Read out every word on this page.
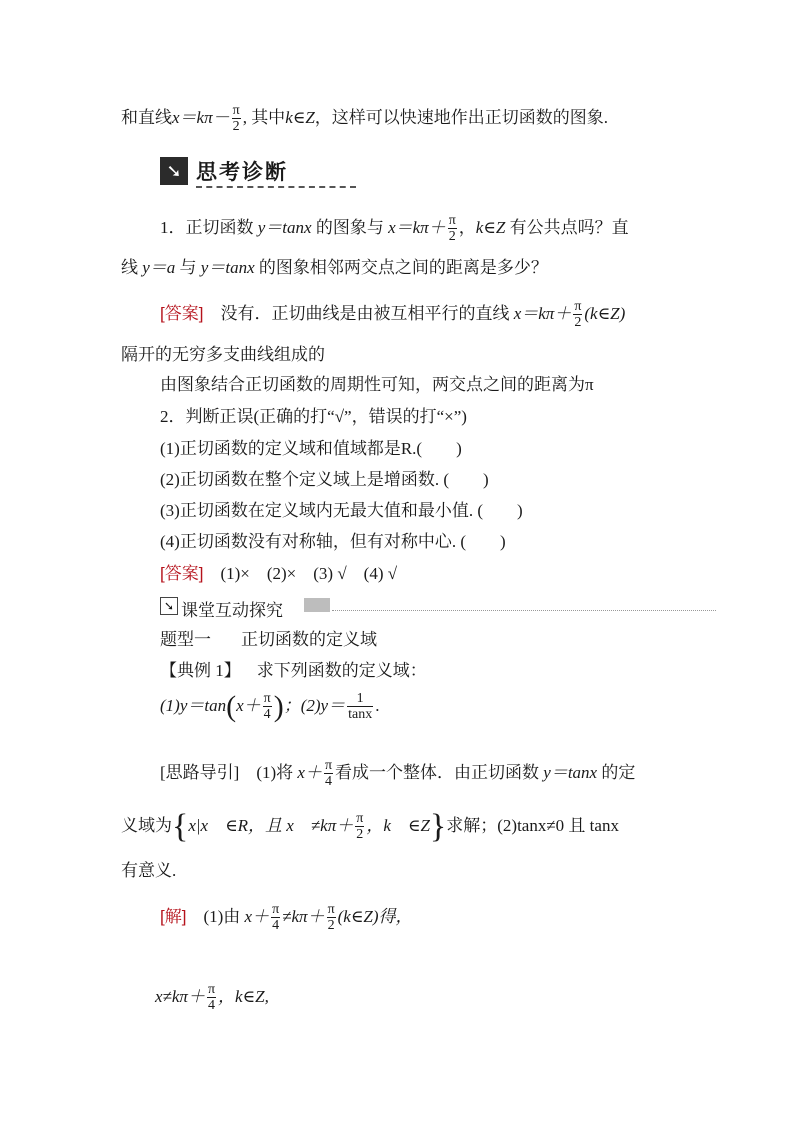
和直线$x=k\pi- \frac{\pi}{2}$ , 其中k∈Z，这样可以快速地作出正切函数的图象.
➘ 思考诊断
1．正切函数 y＝tanx 的图象与 $x=k\pi+ \frac{\pi}{2}$ ，k∈Z 有公共点吗？直
线 y＝a 与 y＝tanx 的图象相邻两交点之间的距离是多少？
[答案]　没有．正切曲线是由被互相平行的直线 $x=k\pi+ \frac{\pi}{2}$ (k∈Z)
隔开的无穷多支曲线组成的
由图象结合正切函数的周期性可知，两交点之间的距离为π
2．判断正误(正确的打“√”，错误的打“×”)
(1)正切函数的定义域和值域都是R.(　　)
(2)正切函数在整个定义域上是增函数. (　　)
(3)正切函数在定义域内无最大值和最小值. (　　)
(4)正切函数没有对称轴，但有对称中心. (　　)
[答案]　(1)×　(2)×　(3) √　(4) √
➘ 课堂互动探究
题型一 正切函数的定义域
【典例 1】 求下列函数的定义域：
$(1)y=\tan(x+ \frac{\pi}{4}$ )；$(2)y= \frac{1}{\tan x}$ .
[思路导引]　(1)将 $x+ \frac{\pi}{4}$ 看成一个整体．由正切函数 y＝tanx 的定
义域为{x|x　∈R，且 x　$\ne k\pi+ \frac{\pi}{2}$ ，k　∈Z}求解；(2)tanx≠0 且 tanx
有意义.
[解]　(1)由 $x+ \frac{\pi}{4} \ne k\pi+ \frac{\pi}{2}$ (k∈Z)得，
$x\ne k\pi+ \frac{\pi}{4}$ ，k∈Z,
